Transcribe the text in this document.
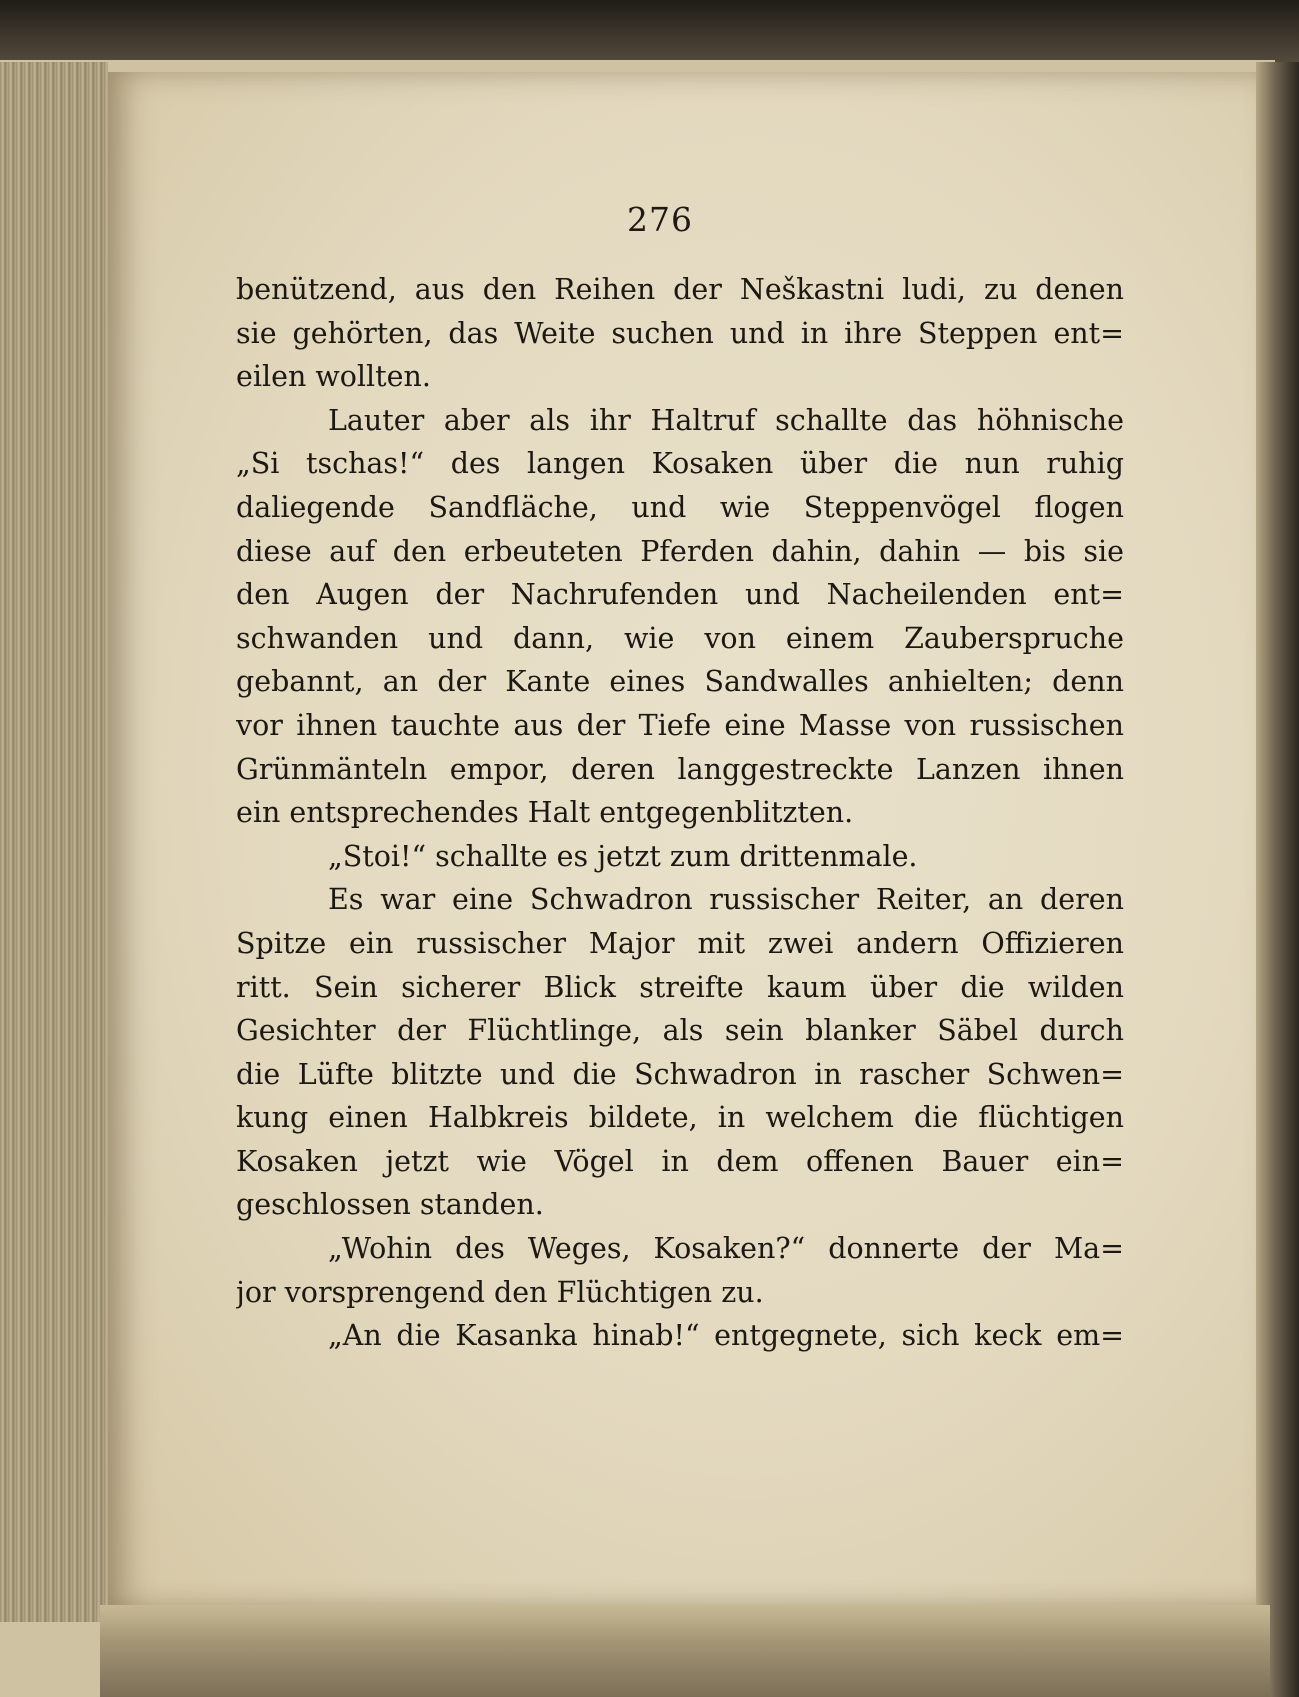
276
benützend, aus den Reihen der Neškastni ludi, zu denen
sie gehörten, das Weite suchen und in ihre Steppen ent=
eilen wollten.
Lauter aber als ihr Haltruf schallte das höhnische
„Si tschas!“ des langen Kosaken über die nun ruhig
daliegende Sandfläche, und wie Steppenvögel flogen
diese auf den erbeuteten Pferden dahin, dahin — bis sie
den Augen der Nachrufenden und Nacheilenden ent=
schwanden und dann, wie von einem Zauberspruche
gebannt, an der Kante eines Sandwalles anhielten; denn
vor ihnen tauchte aus der Tiefe eine Masse von russischen
Grünmänteln empor, deren langgestreckte Lanzen ihnen
ein entsprechendes Halt entgegenblitzten.
„Stoi!“ schallte es jetzt zum drittenmale.
Es war eine Schwadron russischer Reiter, an deren
Spitze ein russischer Major mit zwei andern Offizieren
ritt. Sein sicherer Blick streifte kaum über die wilden
Gesichter der Flüchtlinge, als sein blanker Säbel durch
die Lüfte blitzte und die Schwadron in rascher Schwen=
kung einen Halbkreis bildete, in welchem die flüchtigen
Kosaken jetzt wie Vögel in dem offenen Bauer ein=
geschlossen standen.
„Wohin des Weges, Kosaken?“ donnerte der Ma=
jor vorsprengend den Flüchtigen zu.
„An die Kasanka hinab!“ entgegnete, sich keck em=
